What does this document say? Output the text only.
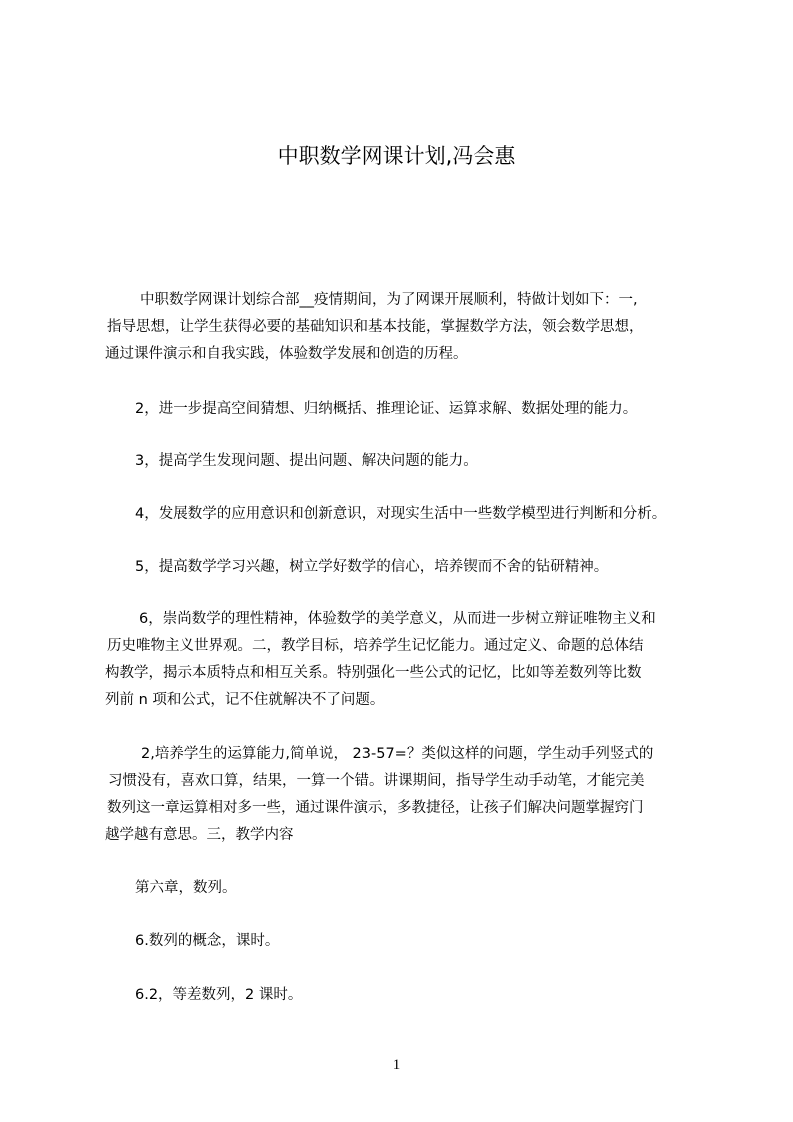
中职数学网课计划,冯会惠
中职数学网课计划综合部__疫情期间，为了网课开展顺利，特做计划如下：一,
指导思想，让学生获得必要的基础知识和基本技能，掌握数学方法，领会数学思想，
通过课件演示和自我实践，体验数学发展和创造的历程。
2，进一步提高空间猜想、归纳概括、推理论证、运算求解、数据处理的能力。
3，提高学生发现问题、提出问题、解决问题的能力。
4，发展数学的应用意识和创新意识，对现实生活中一些数学模型进行判断和分析。
5，提高数学学习兴趣，树立学好数学的信心，培养锲而不舍的钻研精神。
6，崇尚数学的理性精神，体验数学的美学意义，从而进一步树立辩证唯物主义和
历史唯物主义世界观。二，教学目标，培养学生记忆能力。通过定义、命题的总体结
构教学，揭示本质特点和相互关系。特别强化一些公式的记忆，比如等差数列等比数
列前 n 项和公式，记不住就解决不了问题。
2,培养学生的运算能力,简单说， 23-57=？类似这样的问题，学生动手列竖式的
习惯没有，喜欢口算，结果，一算一个错。讲课期间，指导学生动手动笔，才能完美
数列这一章运算相对多一些，通过课件演示，多教捷径，让孩子们解决问题掌握窍门
越学越有意思。三，教学内容
第六章，数列。
6.数列的概念，课时。
6.2，等差数列，2 课时。
1
